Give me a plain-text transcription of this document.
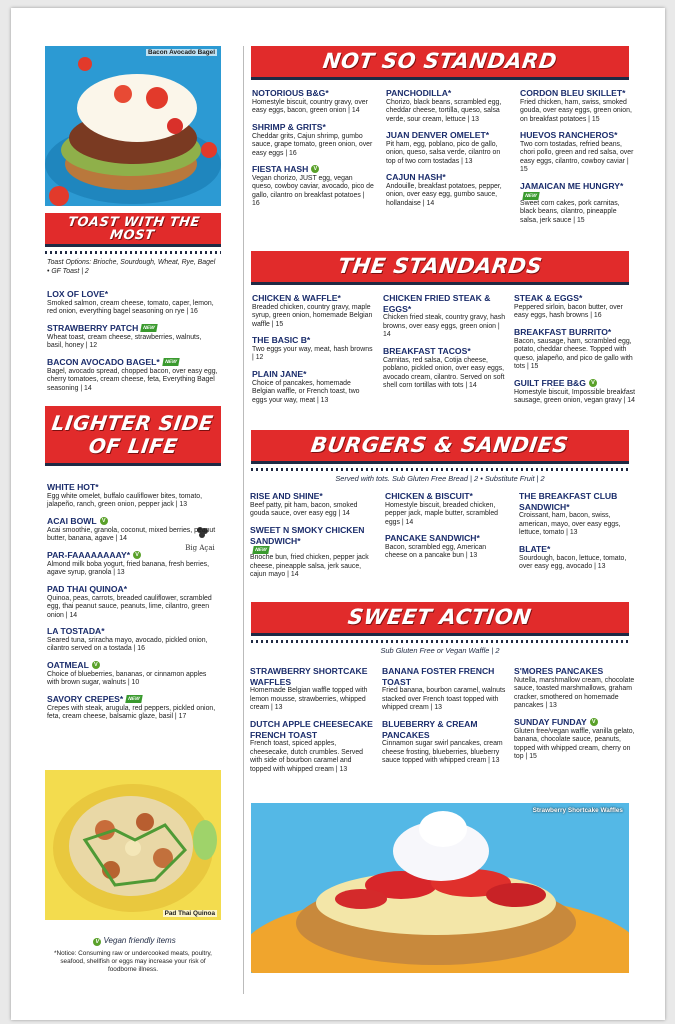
Bacon Avocado Bagel
TOAST WITH THE MOST
Toast Options: Brioche, Sourdough, Wheat, Rye, Bagel • GF Toast | 2
LIGHTER SIDE
OF LIFE
Big Açai
Pad Thai Quinoa
V Vegan friendly items
*Notice: Consuming raw or undercooked meats, poultry, seafood, shellfish or eggs may increase your risk of foodborne illness.
NOT SO STANDARD
THE STANDARDS
BURGERS & SANDIES
Served with tots. Sub Gluten Free Bread | 2 • Substitute Fruit | 2
SWEET ACTION
Sub Gluten Free or Vegan Waffle | 2
Strawberry Shortcake Waffles
LOX OF LOVE*
Smoked salmon, cream cheese, tomato, caper, lemon, red onion, everything bagel seasoning on rye | 16
STRAWBERRY PATCH NEW
Wheat toast, cream cheese, strawberries, walnuts, basil, honey | 12
BACON AVOCADO BAGEL* NEW
Bagel, avocado spread, chopped bacon, over easy egg, cherry tomatoes, cream cheese, feta, Everything Bagel seasoning | 14
WHITE HOT*
Egg white omelet, buffalo cauliflower bites, tomato, jalapeño, ranch, green onion, pepper jack | 13
ACAI BOWL V
Acai smoothie, granola, coconut, mixed berries, peanut butter, banana, agave | 14
PAR-FAAAAAAAAY* V
Almond milk boba yogurt, fried banana, fresh berries, agave syrup, granola | 13
PAD THAI QUINOA*
Quinoa, peas, carrots, breaded cauliflower, scrambled egg, thai peanut sauce, peanuts, lime, cilantro, green onion | 14
LA TOSTADA*
Seared tuna, sriracha mayo, avocado, pickled onion, cilantro served on a tostada | 16
OATMEAL V
Choice of blueberries, bananas, or cinnamon apples with brown sugar, walnuts | 10
SAVORY CREPES* NEW
Crepes with steak, arugula, red peppers, pickled onion, feta, cream cheese, balsamic glaze, basil | 17
NOTORIOUS B&G*
Homestyle biscuit, country gravy, over easy eggs, bacon, green onion | 14
SHRIMP & GRITS*
Cheddar grits, Cajun shrimp, gumbo sauce, grape tomato, green onion, over easy eggs | 16
FIESTA HASH V
Vegan chorizo, JUST egg, vegan queso, cowboy caviar, avocado, pico de gallo, cilantro on breakfast potatoes | 16
PANCHODILLA*
Chorizo, black beans, scrambled egg, cheddar cheese, tortilla, queso, salsa verde, sour cream, lettuce | 13
JUAN DENVER OMELET*
Pit ham, egg, poblano, pico de gallo, onion, queso, salsa verde, cilantro on top of two corn tostadas | 13
CAJUN HASH*
Andouille, breakfast potatoes, pepper, onion, over easy egg, gumbo sauce, hollandaise | 14
CORDON BLEU SKILLET*
Fried chicken, ham, swiss, smoked gouda, over easy eggs, green onion, on breakfast potatoes | 15
HUEVOS RANCHEROS*
Two corn tostadas, refried beans, chori pollo, green and red salsa, over easy eggs, cilantro, cowboy caviar | 15
JAMAICAN ME HUNGRY*
NEW
Sweet corn cakes, pork carnitas, black beans, cilantro, pineapple salsa, jerk sauce | 15
CHICKEN & WAFFLE*
Breaded chicken, country gravy, maple syrup, green onion, homemade Belgian waffle | 15
THE BASIC B*
Two eggs your way, meat, hash browns | 12
PLAIN JANE*
Choice of pancakes, homemade Belgian waffle, or French toast, two eggs your way, meat | 13
CHICKEN FRIED STEAK & EGGS*
Chicken fried steak, country gravy, hash browns, over easy eggs, green onion | 14
BREAKFAST TACOS*
Carnitas, red salsa, Cotija cheese, poblano, pickled onion, over easy eggs, avocado cream, cilantro. Served on soft shell corn tortillas with tots | 14
STEAK & EGGS*
Peppered sirloin, bacon butter, over easy eggs, hash browns | 16
BREAKFAST BURRITO*
Bacon, sausage, ham, scrambled egg, potato, cheddar cheese. Topped with queso, jalapeño, and pico de gallo with tots | 15
GUILT FREE B&G V
Homestyle biscuit, Impossible breakfast sausage, green onion, vegan gravy | 14
RISE AND SHINE*
Beef patty, pit ham, bacon, smoked gouda sauce, over easy egg | 14
SWEET N SMOKY CHICKEN SANDWICH*
NEW
Brioche bun, fried chicken, pepper jack cheese, pineapple salsa, jerk sauce, cajun mayo | 14
CHICKEN & BISCUIT*
Homestyle biscuit, breaded chicken, pepper jack, maple butter, scrambled eggs | 14
PANCAKE SANDWICH*
Bacon, scrambled egg, American cheese on a pancake bun | 13
THE BREAKFAST CLUB SANDWICH*
Croissant, ham, bacon, swiss, american, mayo, over easy eggs, lettuce, tomato | 13
BLATE*
Sourdough, bacon, lettuce, tomato, over easy egg, avocado | 13
STRAWBERRY SHORTCAKE WAFFLES
Homemade Belgian waffle topped with lemon mousse, strawberries, whipped cream | 13
DUTCH APPLE CHEESECAKE FRENCH TOAST
French toast, spiced apples, cheesecake, dutch crumbles. Served with side of bourbon caramel and topped with whipped cream | 13
BANANA FOSTER FRENCH TOAST
Fried banana, bourbon caramel, walnuts stacked over French toast topped with whipped cream | 13
BLUEBERRY & CREAM PANCAKES
Cinnamon sugar swirl pancakes, cream cheese frosting, blueberries, blueberry sauce topped with whipped cream | 13
S'MORES PANCAKES
Nutella, marshmallow cream, chocolate sauce, toasted marshmallows, graham cracker, smothered on homemade pancakes | 13
SUNDAY FUNDAY V
Gluten free/vegan waffle, vanilla gelato, banana, chocolate sauce, peanuts, topped with whipped cream, cherry on top | 15
